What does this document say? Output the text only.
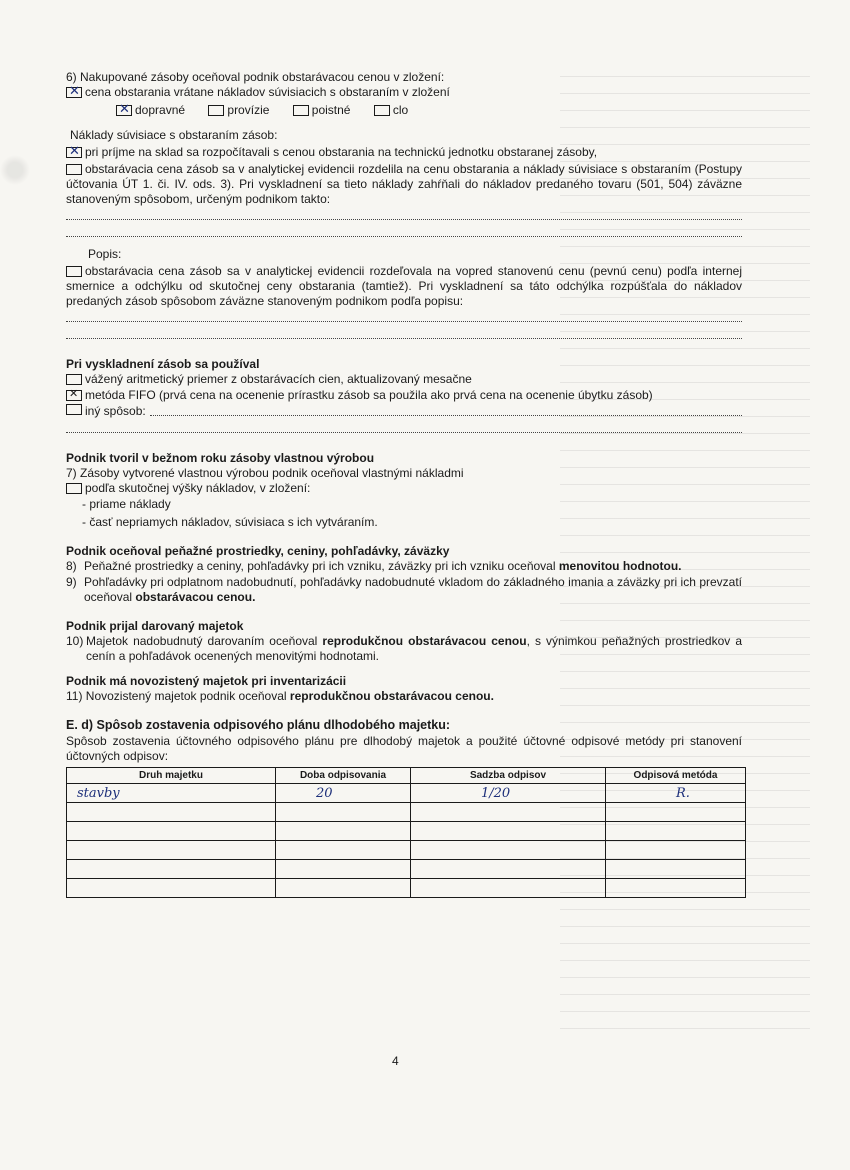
6) Nakupované zásoby oceňoval podnik obstarávacou cenou v zložení:

✕cena obstarania vrátane nákladov súvisiacich s obstaraním v zložení

✕dopravné	provízie	poistné	clo

Náklady súvisiace s obstaraním zásob:

✕pri príjme na sklad sa rozpočítavali s cenou obstarania na technickú jednotku obstaranej zásoby,

obstarávacia cena zásob sa v analytickej evidencii rozdelila na cenu obstarania a náklady súvisiace s obstaraním (Postupy účtovania ÚT 1. či. IV. ods. 3). Pri vyskladnení sa tieto náklady zahŕňali do nákladov predaného tovaru (501, 504) záväzne stanoveným spôsobom, určeným podnikom takto:

Popis:

obstarávacia cena zásob sa v analytickej evidencii rozdeľovala na vopred stanovenú cenu (pevnú cenu) podľa internej smernice a odchýlku od skutočnej ceny obstarania (tamtiež). Pri vyskladnení sa táto odchýlka rozpúšťala do nákladov predaných zásob spôsobom záväzne stanoveným podnikom podľa popisu:

Pri vyskladnení zásob sa používal

vážený aritmetický priemer z obstarávacích cien, aktualizovaný mesačne

✕metóda FIFO (prvá cena na ocenenie prírastku zásob sa použila ako prvá cena na ocenenie úbytku zásob)

iný spôsob:

Podnik tvoril v bežnom roku zásoby vlastnou výrobou

7) Zásoby vytvorené vlastnou výrobou podnik oceňoval vlastnými nákladmi

podľa skutočnej výšky nákladov, v zložení:

- priame náklady

- časť nepriamych nákladov, súvisiaca s ich vytváraním.

Podnik oceňoval peňažné prostriedky, ceniny, pohľadávky, záväzky

8) Peňažné prostriedky a ceniny, pohľadávky pri ich vzniku, záväzky pri ich vzniku oceňoval menovitou hodnotou.
9) Pohľadávky pri odplatnom nadobudnutí, pohľadávky nadobudnuté vkladom do základného imania a záväzky pri ich prevzatí oceňoval obstarávacou cenou.

Podnik prijal darovaný majetok

10) Majetok nadobudnutý darovaním oceňoval reprodukčnou obstarávacou cenou, s výnimkou peňažných prostriedkov a cenín a pohľadávok ocenených menovitými hodnotami.

Podnik má novozistený majetok pri inventarizácii

11) Novozistený majetok podnik oceňoval reprodukčnou obstarávacou cenou.

E. d) Spôsob zostavenia odpisového plánu dlhodobého majetku:

Spôsob zostavenia účtovného odpisového plánu pre dlhodobý majetok a použité účtovné odpisové metódy pri stanovení účtovných odpisov:

Druh majetku	Doba odpisovania	Sadzba odpisov	Odpisová metóda
stavby	20	1/20	R.

4
